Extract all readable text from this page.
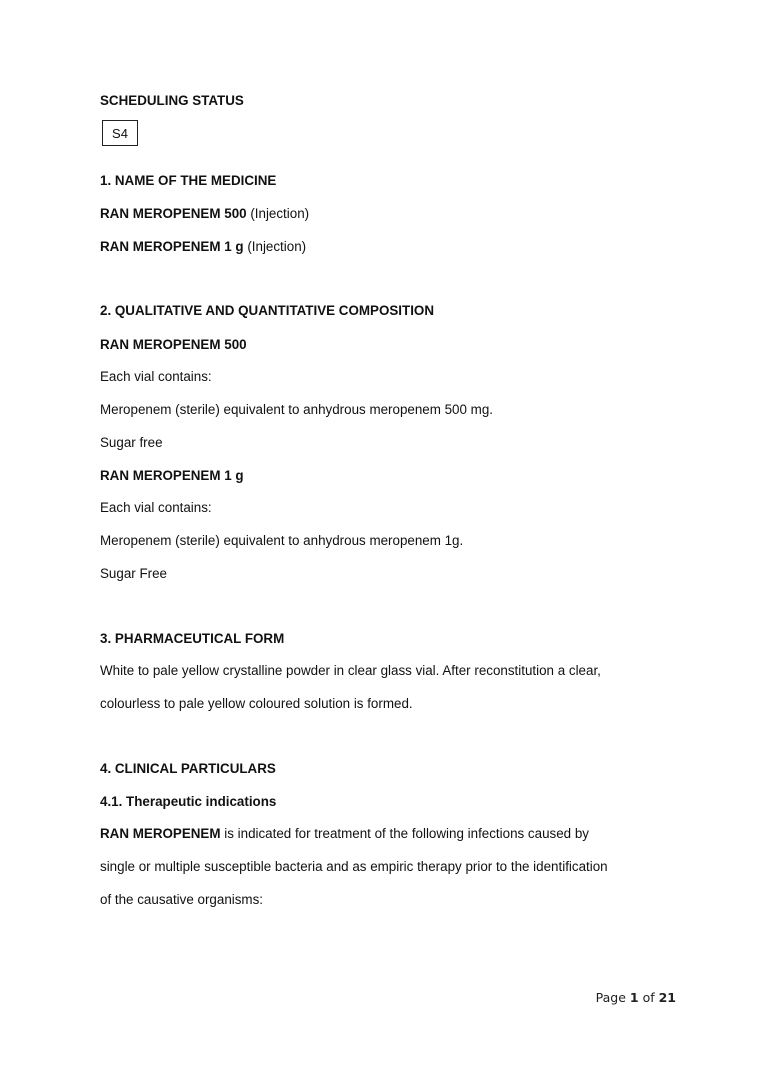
SCHEDULING STATUS
S4
1. NAME OF THE MEDICINE
RAN MEROPENEM 500 (Injection)
RAN MEROPENEM 1 g (Injection)
2. QUALITATIVE AND QUANTITATIVE COMPOSITION
RAN MEROPENEM 500
Each vial contains:
Meropenem (sterile) equivalent to anhydrous meropenem 500 mg.
Sugar free
RAN MEROPENEM 1 g
Each vial contains:
Meropenem (sterile) equivalent to anhydrous meropenem 1g.
Sugar Free
3. PHARMACEUTICAL FORM
White to pale yellow crystalline powder in clear glass vial. After reconstitution a clear,
colourless to pale yellow coloured solution is formed.
4. CLINICAL PARTICULARS
4.1. Therapeutic indications
RAN MEROPENEM is indicated for treatment of the following infections caused by
single or multiple susceptible bacteria and as empiric therapy prior to the identification
of the causative organisms:
Page 1 of 21
